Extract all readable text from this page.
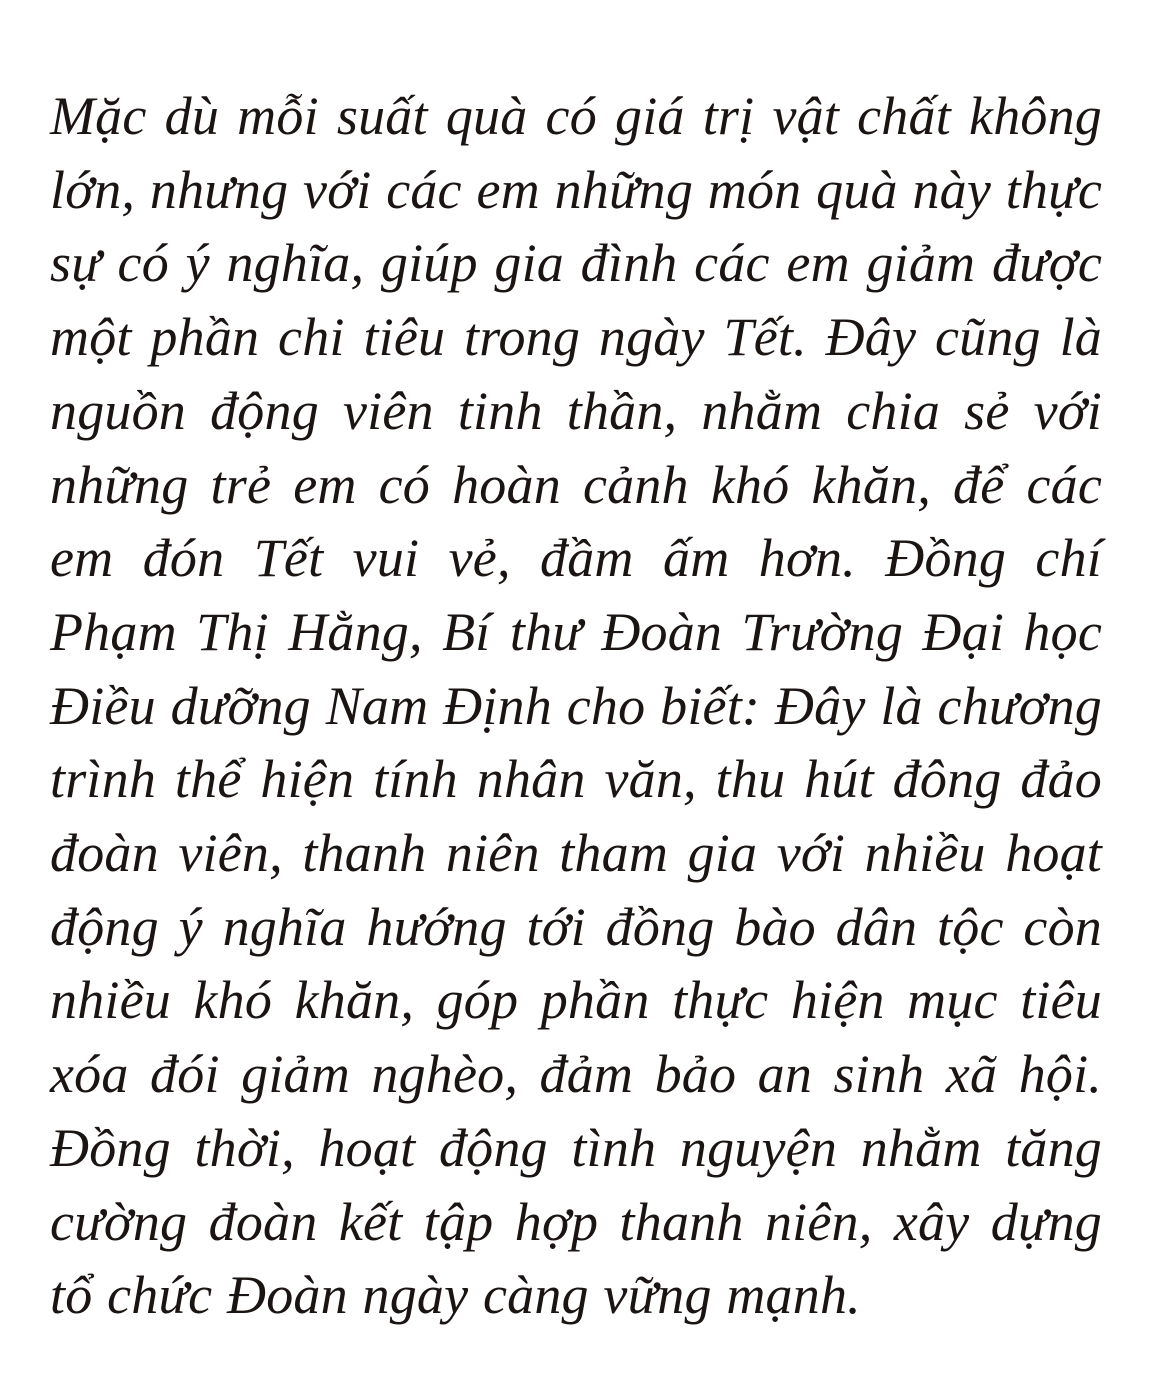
Mặc dù mỗi suất quà có giá trị vật chất không lớn, nhưng với các em những món quà này thực sự có ý nghĩa, giúp gia đình các em giảm được một phần chi tiêu trong ngày Tết. Đây cũng là nguồn động viên tinh thần, nhằm chia sẻ với những trẻ em có hoàn cảnh khó khăn, để các em đón Tết vui vẻ, đầm ấm hơn. Đồng chí Phạm Thị Hằng, Bí thư Đoàn Trường Đại học Điều dưỡng Nam Định cho biết: Đây là chương trình thể hiện tính nhân văn, thu hút đông đảo đoàn viên, thanh niên tham gia với nhiều hoạt động ý nghĩa hướng tới đồng bào dân tộc còn nhiều khó khăn, góp phần thực hiện mục tiêu xóa đói giảm nghèo, đảm bảo an sinh xã hội. Đồng thời, hoạt động tình nguyện nhằm tăng cường đoàn kết tập hợp thanh niên, xây dựng tổ chức Đoàn ngày càng vững mạnh.
